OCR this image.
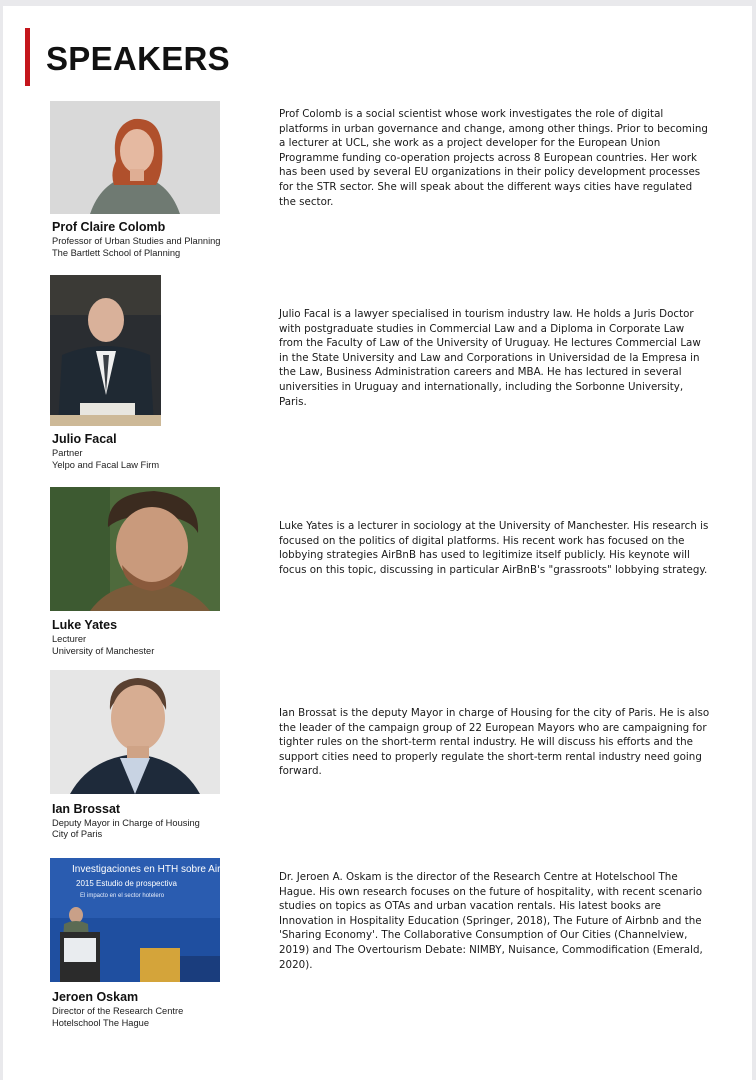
SPEAKERS
Prof Claire Colomb
Professor of Urban Studies and Planning
The Bartlett School of Planning
Prof Colomb is a social scientist whose work investigates the role of digital platforms in urban governance and change, among other things. Prior to becoming a lecturer at UCL, she work as a project developer for the European Union Programme funding co-operation projects across 8 European countries. Her work has been used by several EU organizations in their policy development processes for the STR sector. She will speak about the different ways cities have regulated the sector.
Julio Facal
Partner
Yelpo and Facal Law Firm
Julio Facal is a lawyer specialised in tourism industry law. He holds a Juris Doctor with postgraduate studies in Commercial Law and a Diploma in Corporate Law from the Faculty of Law of the University of Uruguay. He lectures Commercial Law in the State University and Law and Corporations in Universidad de la Empresa in the Law, Business Administration careers and MBA. He has lectured in several universities in Uruguay and internationally, including the Sorbonne University, Paris.
Luke Yates
Lecturer
University of Manchester
Luke Yates is a lecturer in sociology at the University of Manchester. His research is focused on the politics of digital platforms. His recent work has focused on the lobbying strategies AirBnB has used to legitimize itself publicly. His keynote will focus on this topic, discussing in particular AirBnB's "grassroots" lobbying strategy.
Ian Brossat
Deputy Mayor in Charge of Housing
City of Paris
Ian Brossat is the deputy Mayor in charge of Housing for the city of Paris. He is also the leader of the campaign group of 22 European Mayors who are campaigning for tighter rules on the short-term rental industry. He will discuss his efforts and the support cities need to properly regulate the short-term rental industry need going forward.
Investigaciones en HTH sobre Airbnb
2015 Estudio de prospectiva
El impacto en el sector hotelero
Jeroen Oskam
Director of the Research Centre
Hotelschool The Hague
Dr. Jeroen A. Oskam is the director of the Research Centre at Hotelschool The Hague. His own research focuses on the future of hospitality, with recent scenario studies on topics as OTAs and urban vacation rentals. His latest books are Innovation in Hospitality Education (Springer, 2018), The Future of Airbnb and the 'Sharing Economy'. The Collaborative Consumption of Our Cities (Channelview, 2019) and The Overtourism Debate: NIMBY, Nuisance, Commodification (Emerald, 2020).
